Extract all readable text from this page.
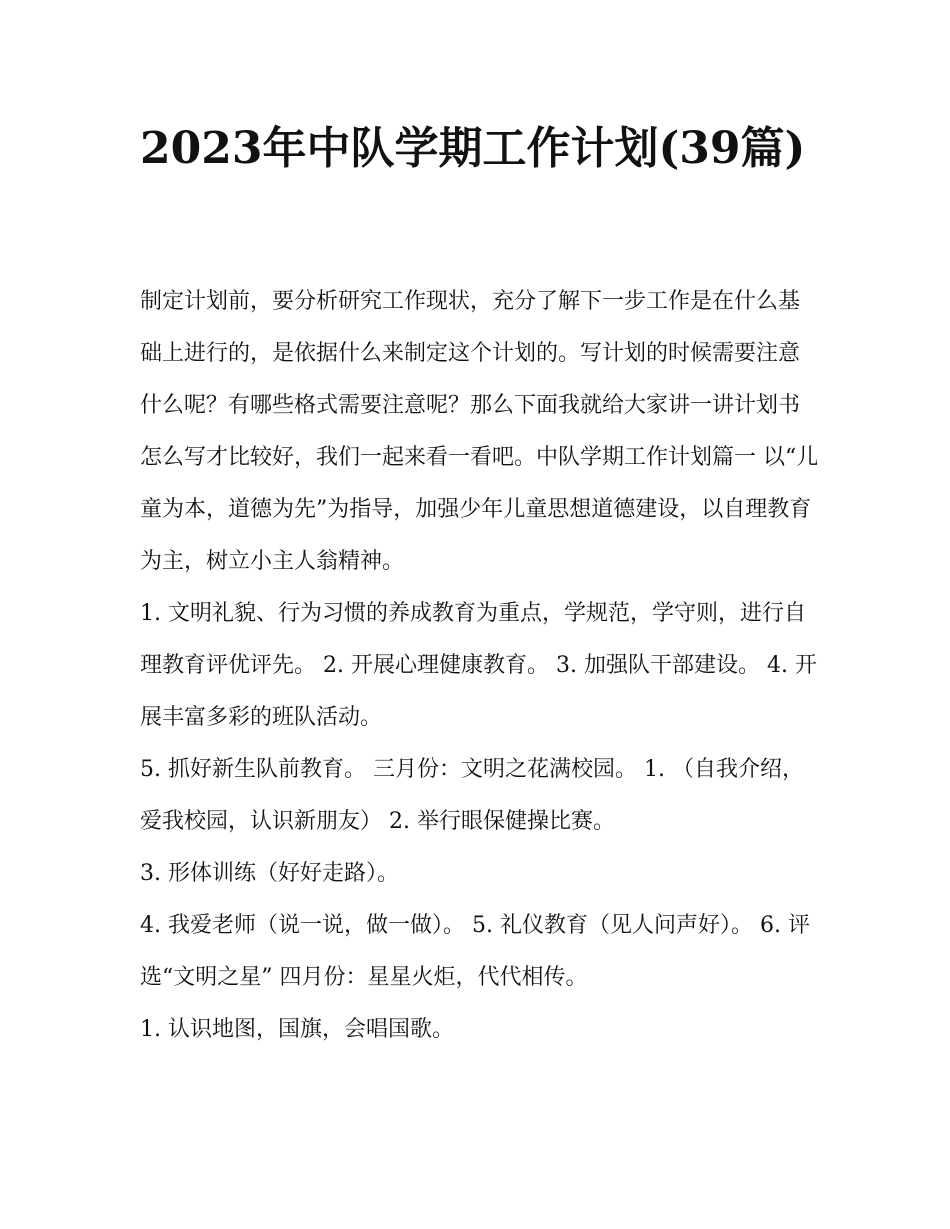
2023年中队学期工作计划(39篇)

制定计划前，要分析研究工作现状，充分了解下一步工作是在什么基础上进行的，是依据什么来制定这个计划的。写计划的时候需要注意什么呢？有哪些格式需要注意呢？那么下面我就给大家讲一讲计划书怎么写才比较好，我们一起来看一看吧。中队学期工作计划篇一 以“儿童为本，道德为先”为指导，加强少年儿童思想道德建设，以自理教育为主，树立小主人翁精神。

1. 文明礼貌、行为习惯的养成教育为重点，学规范，学守则，进行自理教育评优评先。 2. 开展心理健康教育。 3. 加强队干部建设。 4. 开展丰富多彩的班队活动。

5. 抓好新生队前教育。 三月份：文明之花满校园。 1. （自我介绍，爱我校园，认识新朋友） 2. 举行眼保健操比赛。

3. 形体训练（好好走路）。

4. 我爱老师（说一说，做一做）。 5. 礼仪教育（见人问声好）。 6. 评选“文明之星” 四月份：星星火炬，代代相传。

1. 认识地图，国旗，会唱国歌。
